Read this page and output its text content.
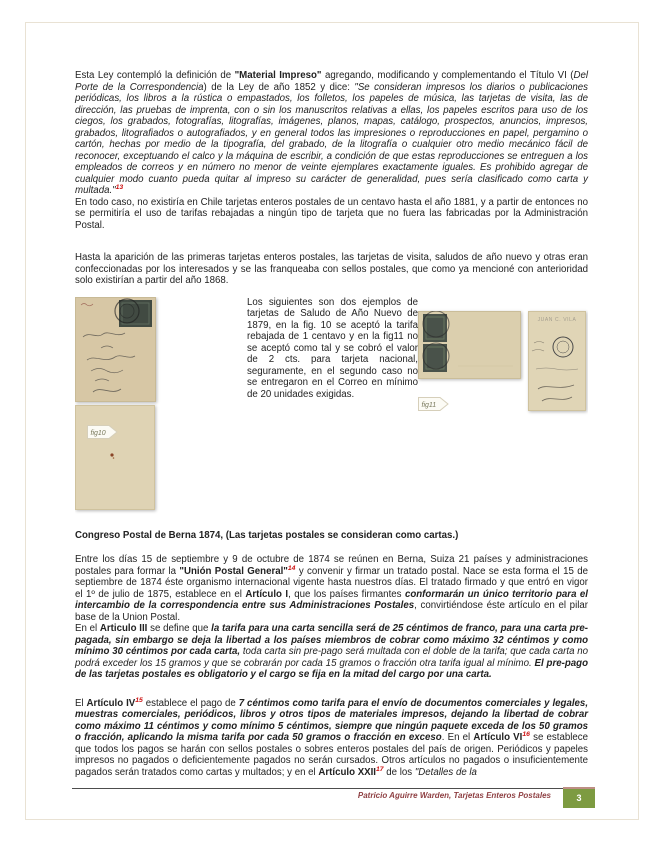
Esta Ley contempló la definición de "Material Impreso" agregando, modificando y complementando el Título VI (Del Porte de la Correspondencia) de la Ley de año 1852 y dice: "Se consideran impresos los diarios o publicaciones periódicas, los libros a la rústica o empastados, los folletos, los papeles de música, las tarjetas de visita, las de dirección, las pruebas de imprenta, con o sin los manuscritos relativas a ellas, los papeles escritos para uso de los ciegos, los grabados, fotografías, litografías, imágenes, planos, mapas, catálogo, prospectos, anuncios, impresos, grabados, litografiados o autografiados, y en general todos las impresiones o reproducciones en papel, pergamino o cartón, hechas por medio de la tipografía, del grabado, de la litografía o cualquier otro medio mecánico fácil de reconocer, exceptuando el calco y la máquina de escribir, a condición de que estas reproducciones se entreguen a los empleados de correos y en número no menor de veinte ejemplares exactamente iguales. Es prohibido agregar de cualquier modo cuanto pueda quitar al impreso su carácter de generalidad, pues sería clasificado como carta y multada."$^{13}$

En todo caso, no existiría en Chile tarjetas enteros postales de un centavo hasta el año 1881, y a partir de entonces no se permitiría el uso de tarifas rebajadas a ningún tipo de tarjeta que no fuera las fabricadas por la Administración Postal.

Hasta la aparición de las primeras tarjetas enteros postales, las tarjetas de visita, saludos de año nuevo y otras eran confeccionadas por los interesados y se las franqueaba con sellos postales, que como ya mencioné con anterioridad solo existirían a partir del año 1868.

JUAN C. VILA
fig10
fig11

Los siguientes son dos ejemplos de tarjetas de Saludo de Año Nuevo de 1879, en la fig. 10 se aceptó la tarifa rebajada de 1 centavo y en la fig11 no se aceptó como tal y se cobró el valor de 2 cts. para tarjeta nacional, seguramente, en el segundo caso no se entregaron en el Correo en mínimo de 20 unidades exigidas.

Congreso Postal de Berna 1874, (Las tarjetas postales se consideran como cartas.)

Entre los días 15 de septiembre y 9 de octubre de 1874 se reúnen en Berna, Suiza 21 países y administraciones postales para formar la "Unión Postal General"$^{14}$ y convenir y firmar un tratado postal. Nace se esta forma el 15 de septiembre de 1874 éste organismo internacional vigente hasta nuestros días. El tratado firmado y que entró en vigor el 1º de julio de 1875, establece en el Artículo I, que los países firmantes conformarán un único territorio para el intercambio de la correspondencia entre sus Administraciones Postales, convirtiéndose éste artículo en el pilar base de la Union Postal.

En el Articulo III se define que la tarifa para una carta sencilla será de 25 céntimos de franco, para una carta pre-pagada, sin embargo se deja la libertad a los países miembros de cobrar como máximo 32 céntimos y como mínimo 30 céntimos por cada carta, toda carta sin pre-pago será multada con el doble de la tarifa; que cada carta no podrá exceder los 15 gramos y que se cobrarán por cada 15 gramos o fracción otra tarifa igual al mínimo. El pre-pago de las tarjetas postales es obligatorio y el cargo se fija en la mitad del cargo por una carta.

El Artículo IV$^{15}$ establece el pago de 7 céntimos como tarifa para el envío de documentos comerciales y legales, muestras comerciales, periódicos, libros y otros tipos de materiales impresos, dejando la libertad de cobrar como máximo 11 céntimos y como mínimo 5 céntimos, siempre que ningún paquete exceda de los 50 gramos o fracción, aplicando la misma tarifa por cada 50 gramos o fracción en exceso. En el Artículo VI$^{16}$ se establece que todos los pagos se harán con sellos postales o sobres enteros postales del país de origen. Periódicos y papeles impresos no pagados o deficientemente pagados no serán cursados. Otros artículos no pagados o insuficientemente pagados serán tratados como cartas y multados; y en el Artículo XXII$^{17}$ de los "Detalles de la

Patricio Aguirre Warden, Tarjetas Enteros Postales	3
